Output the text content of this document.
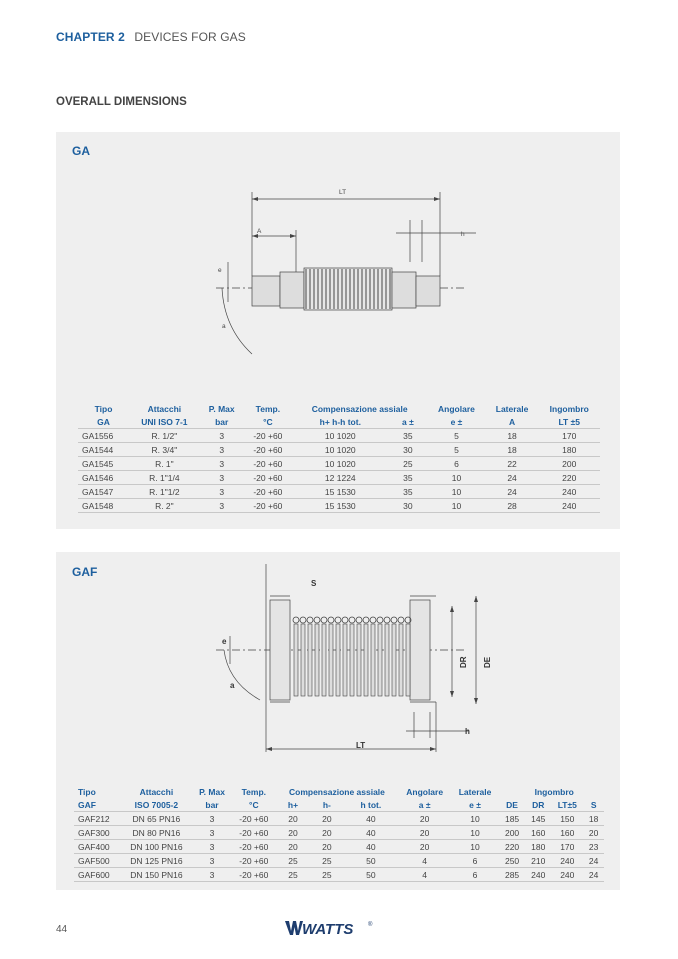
CHAPTER 2 DEVICES FOR GAS
OVERALL DIMENSIONS
GA
LT
A	h
e
a
Tipo	Attacchi	P. Max	Temp.	Compensazione assiale		Angolare	Laterale	Ingombro
GA	UNI ISO 7-1	bar	°C	h+ h-h tot.	a ±	e ±	A	LT ±5
GA1556	R. 1/2"	3	-20 +60	10 1020	35	5	18	170
GA1544	R. 3/4"	3	-20 +60	10 1020	30	5	18	180
GA1545	R. 1"	3	-20 +60	10 1020	25	6	22	200
GA1546	R. 1"1/4	3	-20 +60	12 1224	35	10	24	220
GA1547	R. 1"1/2	3	-20 +60	15 1530	35	10	24	240
GA1548	R. 2"	3	-20 +60	15 1530	30	10	28	240
GAF
S
LT
h
e
a
DR DE
Tipo	Attacchi	P. Max	Temp.	Compensazione assiale			Angolare	Laterale		Ingombro		
GAF	ISO 7005-2	bar	°C	h+	h-	h tot.	a ±	e ±	DE	DR	LT±5	S
GAF212	DN 65 PN16	3	-20 +60	20	20	40	20	10	185	145	150	18
GAF300	DN 80 PN16	3	-20 +60	20	20	40	20	10	200	160	160	20
GAF400	DN 100 PN16	3	-20 +60	20	20	40	20	10	220	180	170	23
GAF500	DN 125 PN16	3	-20 +60	25	25	50	4	6	250	210	240	24
GAF600	DN 150 PN16	3	-20 +60	25	25	50	4	6	285	240	240	24
44	WATTS ®
